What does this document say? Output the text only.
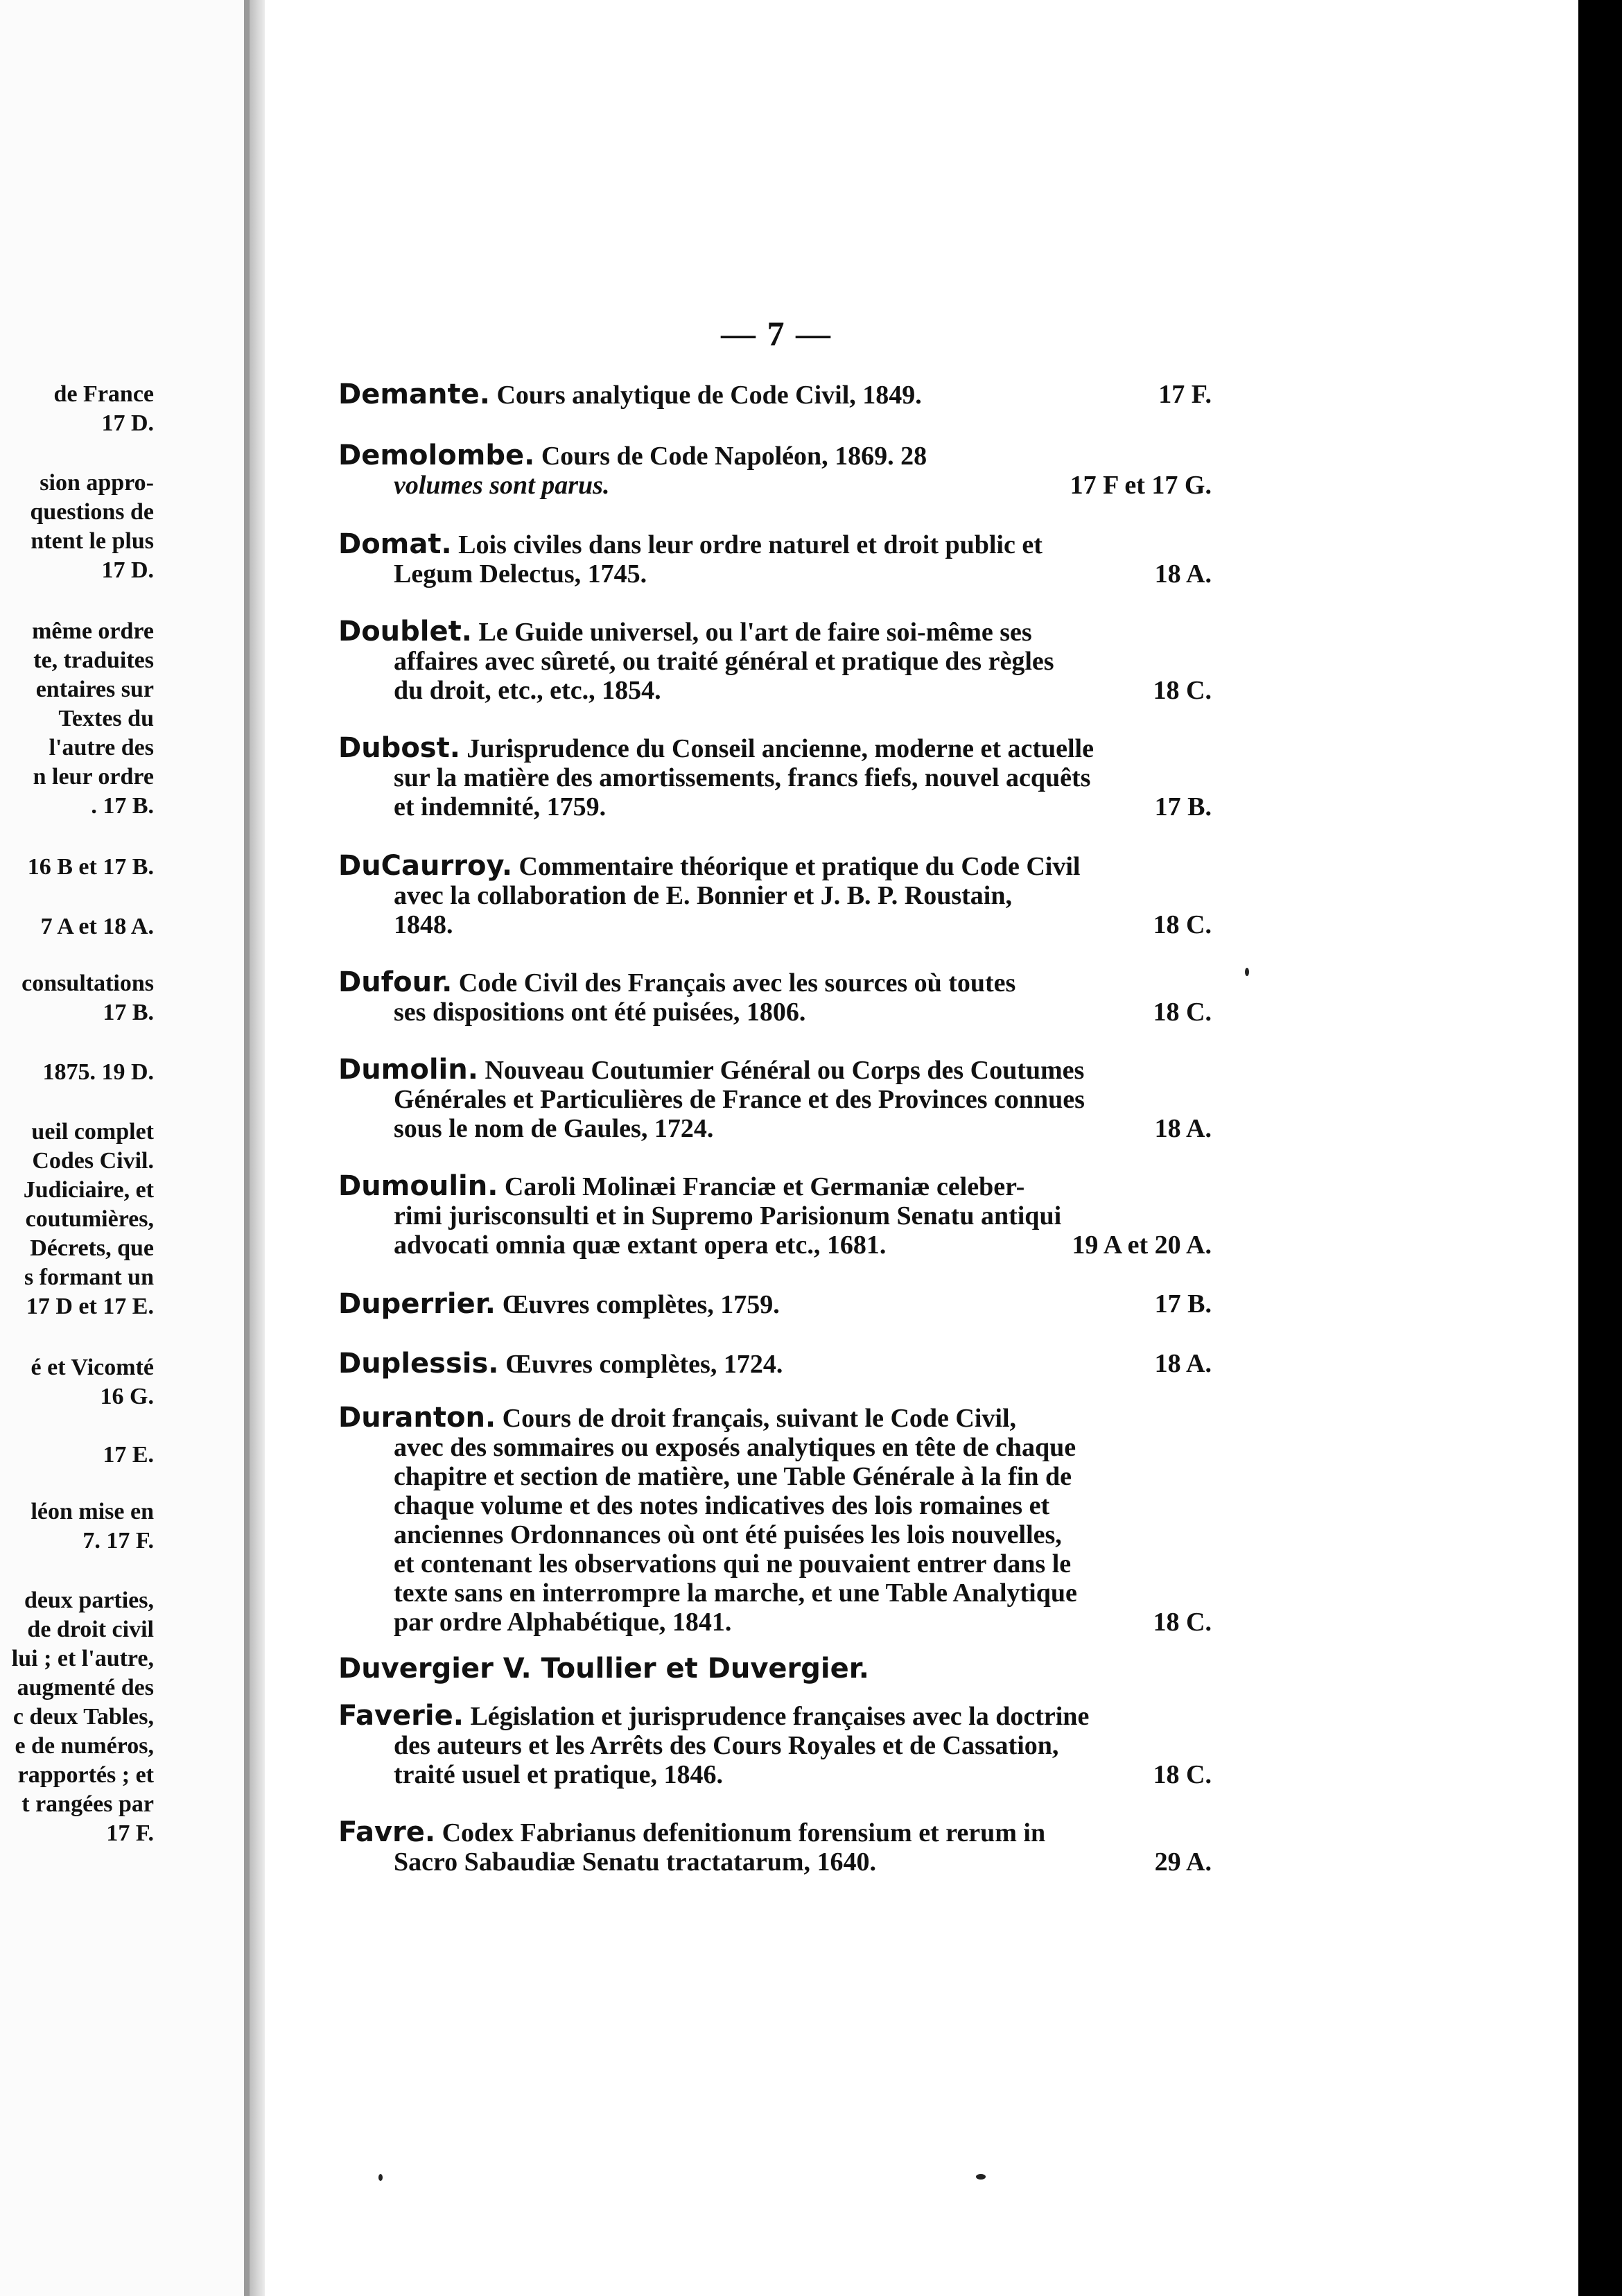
de France
17 D.
sion appro-
questions de
ntent le plus
17 D.
même ordre
te, traduites
entaires sur
Textes du
l'autre des
n leur ordre
. 17 B.
16 B et 17 B.
7 A et 18 A.
consultations
17 B.
1875. 19 D.
ueil complet
Codes Civil.
Judiciaire, et
coutumières,
Décrets, que
s formant un
17 D et 17 E.
é et Vicomté
16 G.
17 E.
léon mise en
7. 17 F.
deux parties,
de droit civil
lui ; et l'autre,
augmenté des
c deux Tables,
e de numéros,
rapportés ; et
t rangées par
17 F.
— 7 —

Demante. Cours analytique de Code Civil, 1849.	17 F.

Demolombe. Cours de Code Napoléon, 1869. 28

volumes sont parus.	17 F et 17 G.

Domat. Lois civiles dans leur ordre naturel et droit public et

Legum Delectus, 1745.	18 A.

Doublet. Le Guide universel, ou l'art de faire soi-même ses

affaires avec sûreté, ou traité général et pratique des règles

du droit, etc., etc., 1854.	18 C.

Dubost. Jurisprudence du Conseil ancienne, moderne et actuelle

sur la matière des amortissements, francs fiefs, nouvel acquêts

et indemnité, 1759.	17 B.

DuCaurroy. Commentaire théorique et pratique du Code Civil

avec la collaboration de E. Bonnier et J. B. P. Roustain,

1848.	18 C.

Dufour. Code Civil des Français avec les sources où toutes

ses dispositions ont été puisées, 1806.	18 C.

Dumolin. Nouveau Coutumier Général ou Corps des Coutumes

Générales et Particulières de France et des Provinces connues

sous le nom de Gaules, 1724.	18 A.

Dumoulin. Caroli Molinæi Franciæ et Germaniæ celeber-

rimi jurisconsulti et in Supremo Parisionum Senatu antiqui

advocati omnia quæ extant opera etc., 1681.	19 A et 20 A.

Duperrier. Œuvres complètes, 1759.	17 B.

Duplessis. Œuvres complètes, 1724.	18 A.

Duranton. Cours de droit français, suivant le Code Civil,

avec des sommaires ou exposés analytiques en tête de chaque

chapitre et section de matière, une Table Générale à la fin de

chaque volume et des notes indicatives des lois romaines et

anciennes Ordonnances où ont été puisées les lois nouvelles,

et contenant les observations qui ne pouvaient entrer dans le

texte sans en interrompre la marche, et une Table Analytique

par ordre Alphabétique, 1841.	18 C.

Duvergier V. Toullier et Duvergier.

Faverie. Législation et jurisprudence françaises avec la doctrine

des auteurs et les Arrêts des Cours Royales et de Cassation,

traité usuel et pratique, 1846.	18 C.

Favre. Codex Fabrianus defenitionum forensium et rerum in

Sacro Sabaudiæ Senatu tractatarum, 1640.	29 A.
